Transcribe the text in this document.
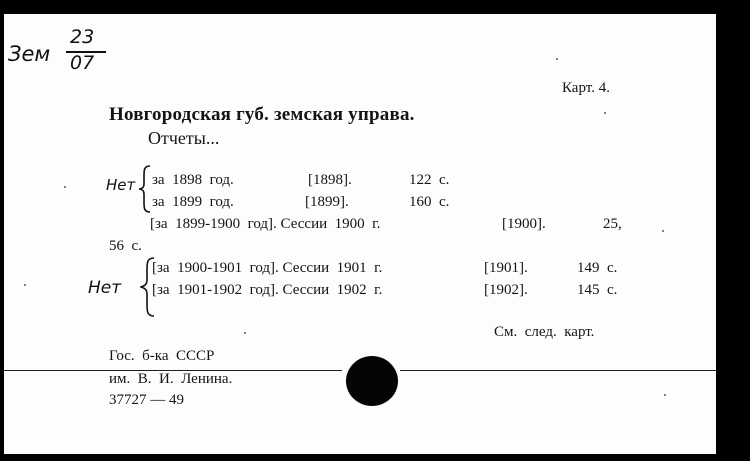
Зем
23
07
Карт. 4.
Новгородская губ. земская управа.
Отчеты...
Нет за  1898  год.	[1898].	122  с.
за  1899  год.	[1899].	160  с.
[за  1899-1900  год]. Сессии  1900  г.	[1900].	25,
56  с.
Нет
[за  1900-1901  год]. Сессии  1901  г.	[1901].	149  с.
[за  1901-1902  год]. Сессии  1902  г.	[1902].	145  с.
См.  след.  карт.
Гос.  б-ка  СССР
им.  В.  И.  Ленина.
37727 — 49
